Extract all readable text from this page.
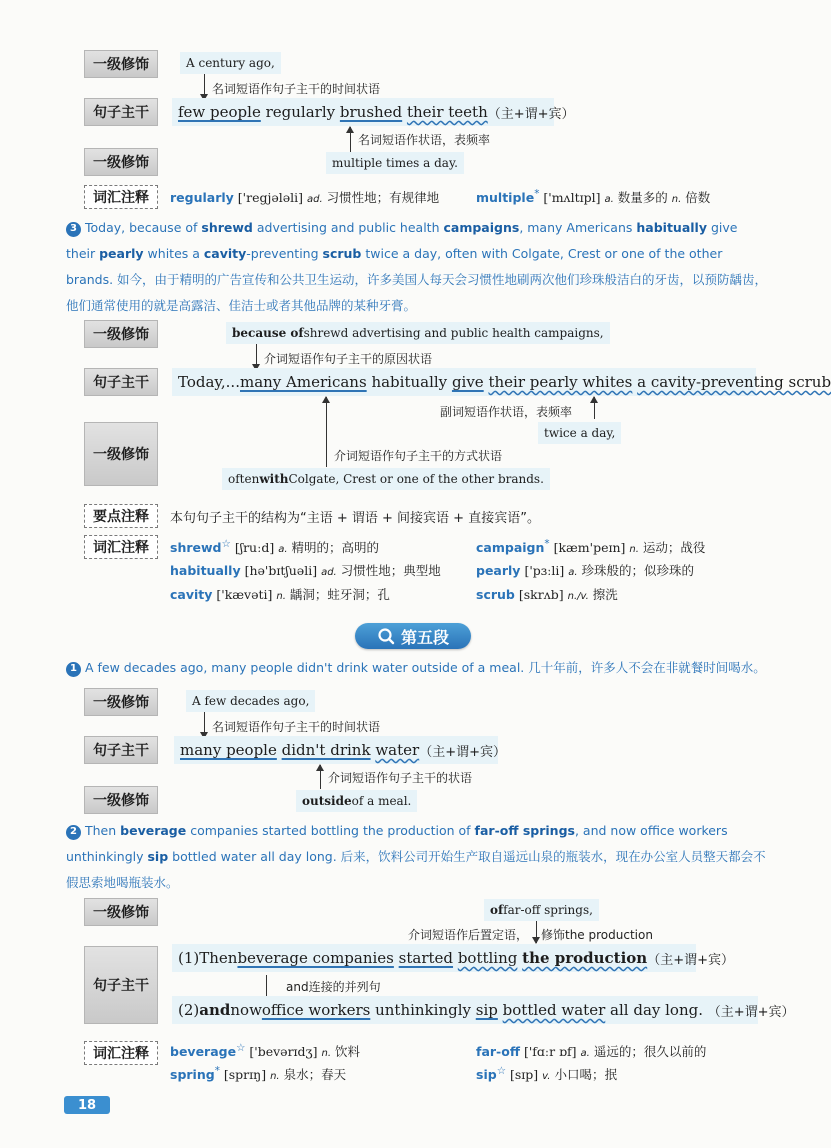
一级修饰	A century ago,
名词短语作句子主干的时间状语
句子主干	few people
regularly
brushed
their teeth （主+谓+宾）
名词短语作状语，表频率
一级修饰	multiple times a day.
词汇注释	regularly ['regjələli] ad. 习惯性地；有规律地	multiple* ['mʌltɪpl] a. 数量多的 n. 倍数
3 Today, because of shrewd advertising and public health campaigns, many Americans habitually give their pearly whites a cavity-preventing scrub twice a day, often with Colgate, Crest or one of the other brands. 如今，由于精明的广告宣传和公共卫生运动，许多美国人每天会习惯性地刷两次他们珍珠般洁白的牙齿，以预防龋齿，他们通常使用的就是高露洁、佳洁士或者其他品牌的某种牙膏。
一级修饰	because of shrewd advertising and public health campaigns,
介词短语作句子主干的原因状语
句子主干	Today,... many Americans
habitually
give
their pearly whites
a cavity-preventing scrub
副词短语作状语，表频率
twice a day,
一级修饰	介词短语作句子主干的方式状语
often with Colgate, Crest or one of the other brands.
要点注释	本句句子主干的结构为“主语 + 谓语 + 间接宾语 + 直接宾语”。
词汇注释	shrewd☆ [ʃruːd] a. 精明的；高明的	campaign* [kæm'peɪn] n. 运动；战役
habitually [hə'bɪtʃuəli] ad. 习惯性地；典型地	pearly ['pɜːli] a. 珍珠般的；似珍珠的
cavity ['kævəti] n. 龋洞；蛀牙洞；孔	scrub [skrʌb] n./v. 擦洗
第五段
1 A few decades ago, many people didn't drink water outside of a meal. 几十年前，许多人不会在非就餐时间喝水。
一级修饰	A few decades ago,
名词短语作句子主干的时间状语
句子主干	many people
didn't drink
water （主+谓+宾）
介词短语作句子主干的状语
一级修饰	outside of a meal.
2 Then beverage companies started bottling the production of far-off springs, and now office workers unthinkingly sip bottled water all day long. 后来，饮料公司开始生产取自遥远山泉的瓶装水，现在办公室人员整天都会不假思索地喝瓶装水。
一级修饰	of far-off springs,
介词短语作后置定语， 修饰the production
句子主干
(1)Then beverage companies
started
bottling
the production （主+谓+宾）
and连接的并列句
(2) and now office workers
unthinkingly
sip
bottled water
all day long.
（主+谓+宾）
词汇注释	beverage☆ ['bevərɪdʒ] n. 饮料	far-off ['fɑːr ɒf] a. 遥远的；很久以前的
spring* [sprɪŋ] n. 泉水；春天	sip☆ [sɪp] v. 小口喝；抿
18
